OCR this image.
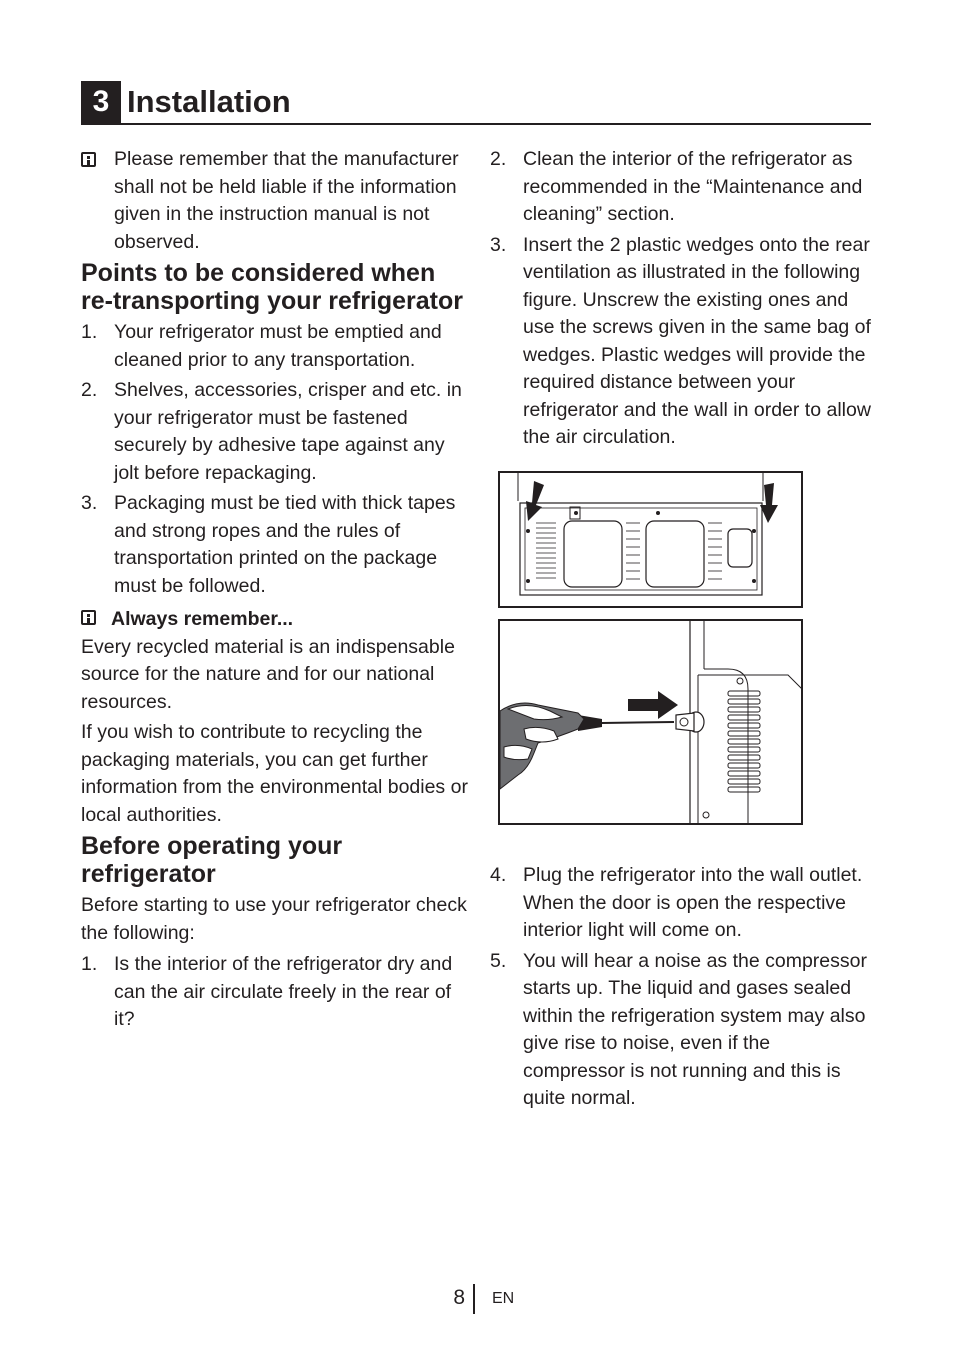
3 Installation

Please remember that the manufacturer shall not be held liable if the information given in the instruction manual is not observed.

Points to be considered when re-transporting your refrigerator
1. Your refrigerator must be emptied and cleaned prior to any transportation.
2. Shelves, accessories, crisper and etc. in your refrigerator must be fastened securely by adhesive tape against any jolt before repackaging.
3. Packaging must be tied with thick tapes and strong ropes and the rules of transportation printed on the package must be followed.
Always remember...

Every recycled material is an indispensable source for the nature and for our national resources.

If you wish to contribute to recycling the packaging materials, you can get further information from the environmental bodies or local authorities.

Before operating your refrigerator

Before starting to use your refrigerator check the following:

1. Is the interior of the refrigerator dry and can the air circulate freely in the rear of it?
2. Clean the interior of the refrigerator as recommended in the “Maintenance and cleaning” section.
3. Insert the 2 plastic wedges onto the rear ventilation as illustrated in the following figure. Unscrew the existing ones and use the screws given in the same bag of wedges. Plastic wedges will provide the required distance between your refrigerator and the wall in order to allow the air circulation.
4. Plug the refrigerator into the wall outlet. When the door is open the respective interior light will come on.
5. You will hear a noise as the compressor starts up. The liquid and gases sealed within the refrigeration system may also give rise to noise, even if the compressor is not running and this is quite normal.
8 EN
